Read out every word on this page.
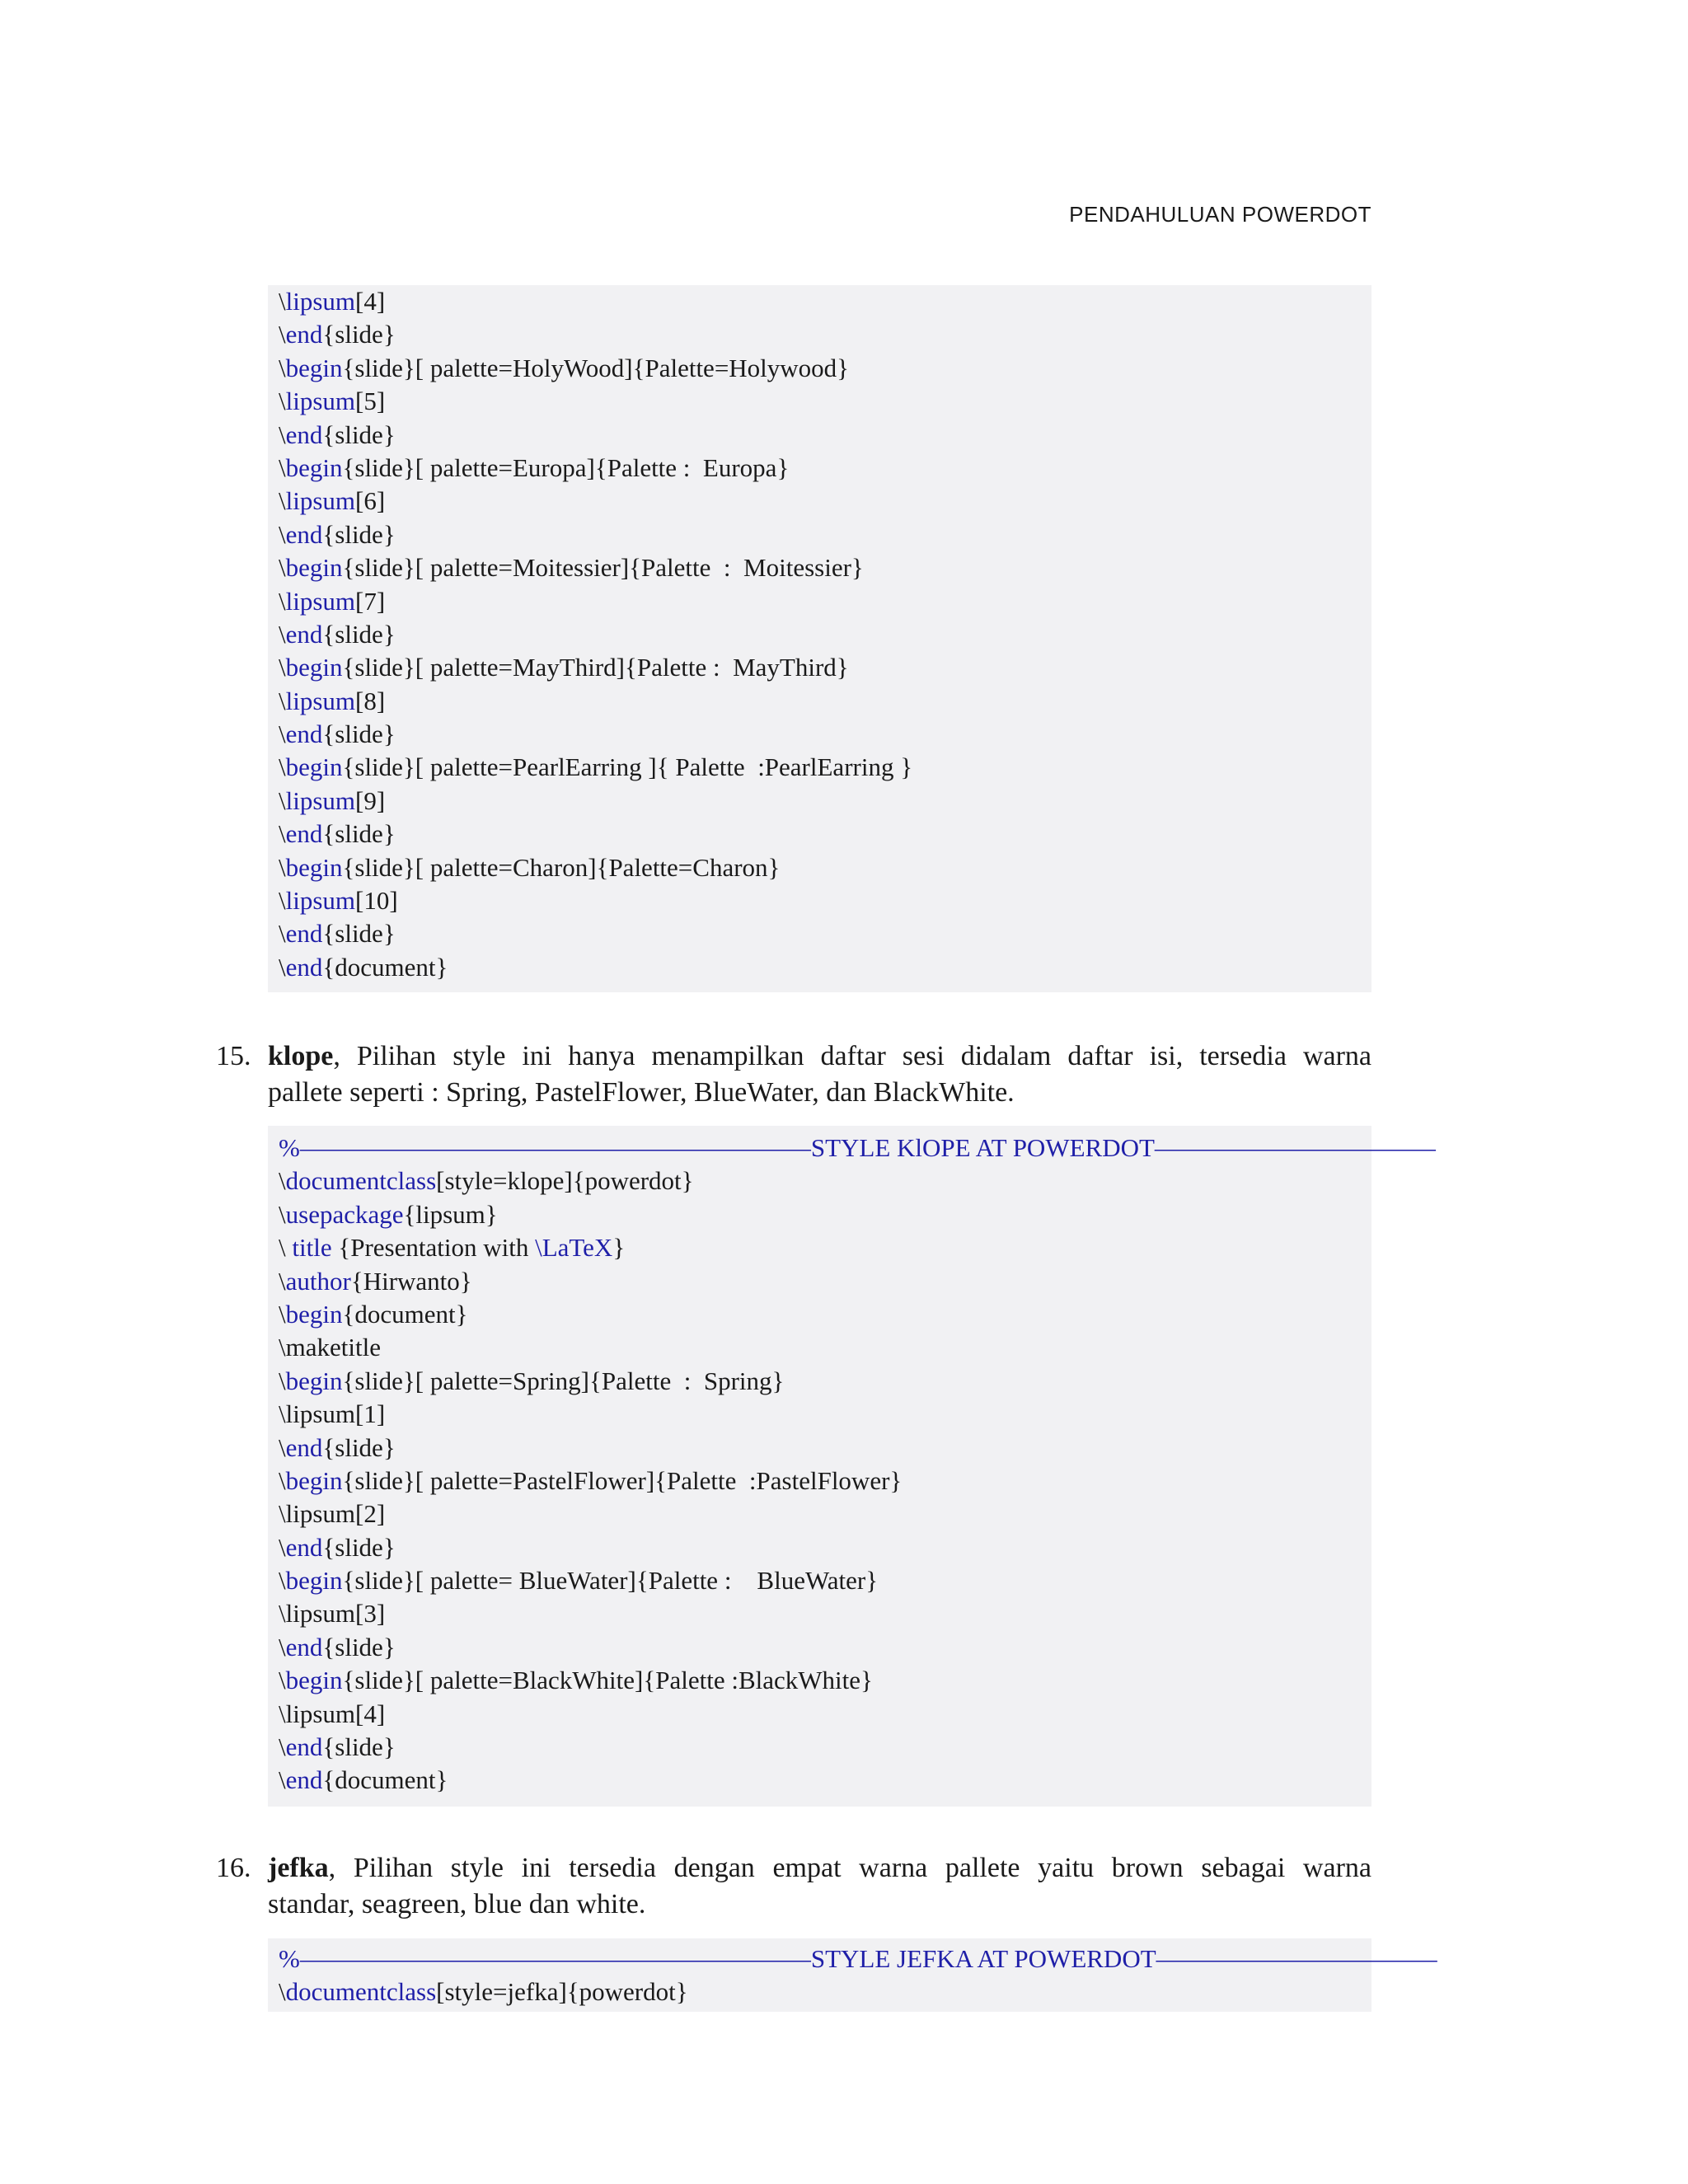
PENDAHULUAN POWERDOT
\ lipsum [4]
\ end {slide}
\ begin {slide}[ palette=HolyWood]{Palette=Holywood}
\ lipsum [5]
\ end {slide}
\ begin {slide}[ palette=Europa]{Palette :  Europa}
\ lipsum [6]
\ end {slide}
\ begin {slide}[ palette=Moitessier]{Palette  :  Moitessier}
\ lipsum [7]
\ end {slide}
\ begin {slide}[ palette=MayThird]{Palette :  MayThird}
\ lipsum [8]
\ end {slide}
\ begin {slide}[ palette=PearlEarring ]{ Palette  :PearlEarring }
\ lipsum [9]
\ end {slide}
\ begin {slide}[ palette=Charon]{Palette=Charon}
\ lipsum [10]
\ end {slide}
\ end {document}
15. klope, Pilihan style ini hanya menampilkan daftar sesi didalam daftar isi, tersedia warna
pallete seperti : Spring, PastelFlower, BlueWater, dan BlackWhite.
%————————————————————STYLE KlOPE AT POWERDOT———————————
\ documentclass [style=klope]{powerdot}
\ usepackage {lipsum}
\ title {Presentation with \LaTeX }
\ author {Hirwanto}
\ begin {document}
\ maketitle
\ begin {slide}[ palette=Spring]{Palette  :  Spring}
\ lipsum [1]
\ end {slide}
\ begin {slide}[ palette=PastelFlower]{Palette  :PastelFlower}
\ lipsum [2]
\ end {slide}
\ begin {slide}[ palette= BlueWater]{Palette :    BlueWater}
\ lipsum [3]
\ end {slide}
\ begin {slide}[ palette=BlackWhite]{Palette :BlackWhite}
\ lipsum [4]
\ end {slide}
\ end {document}
16. jefka, Pilihan style ini tersedia dengan empat warna pallete yaitu brown sebagai warna
standar, seagreen, blue dan white.
%————————————————————STYLE JEFKA AT POWERDOT———————————
\ documentclass [style=jefka]{powerdot}
